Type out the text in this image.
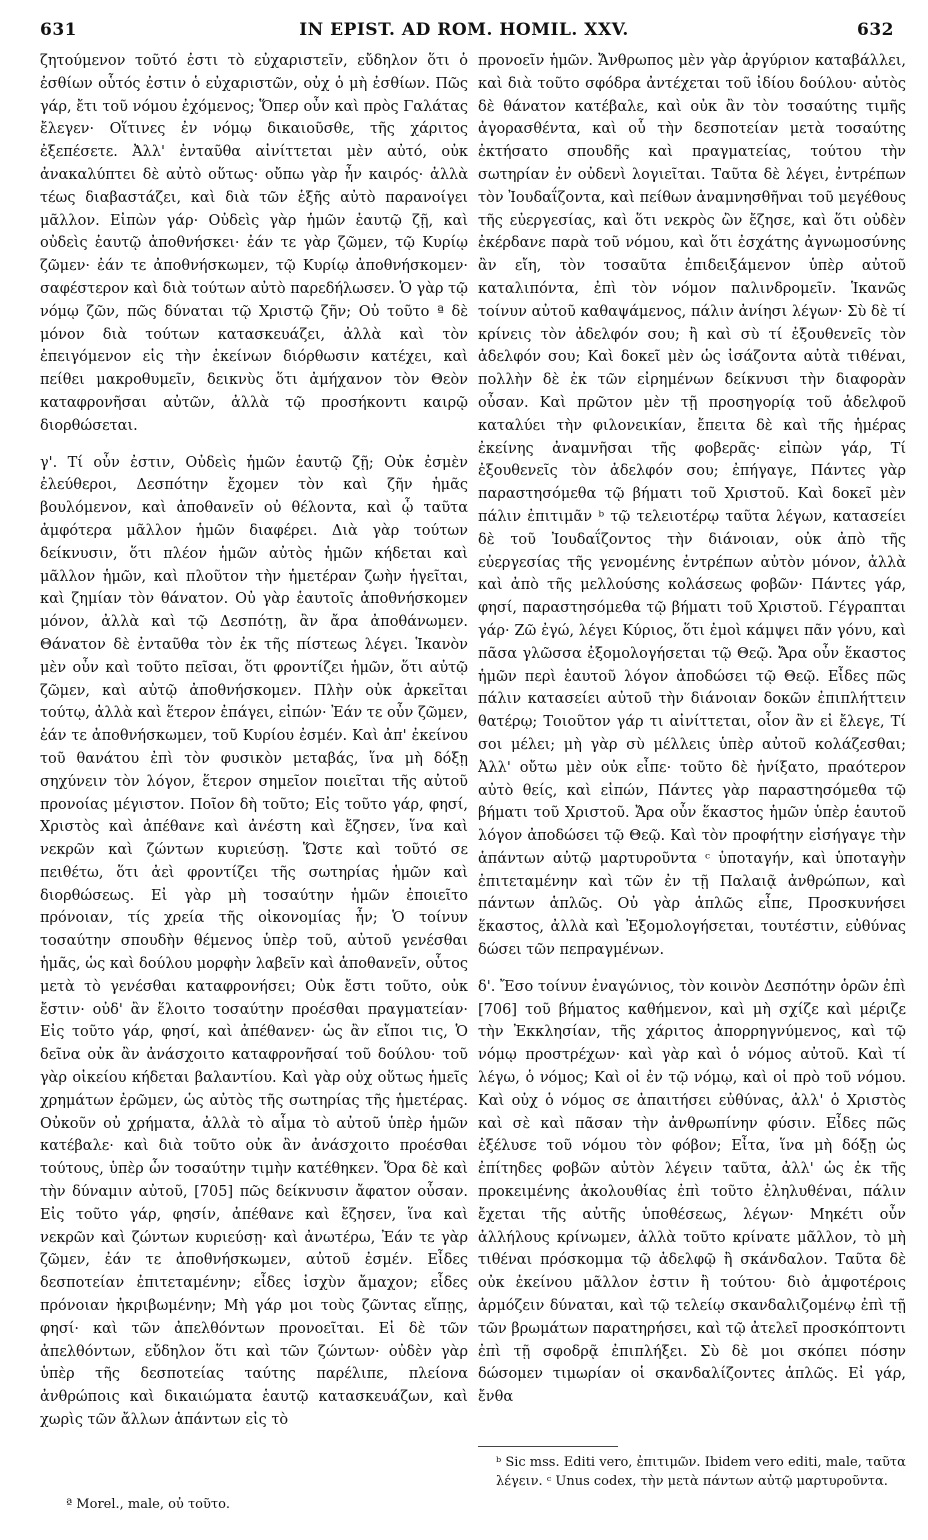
631	IN EPIST. AD ROM. HOMIL. XXV.	632

ζητούμενον τοῦτό ἐστι τὸ εὐχαριστεῖν, εὔδηλον ὅτι ὁ ἐσθίων οὗτός ἐστιν ὁ εὐχαριστῶν, οὐχ ὁ μὴ ἐσθίων. Πῶς γάρ, ἔτι τοῦ νόμου ἐχόμενος; Ὅπερ οὖν καὶ πρὸς Γαλάτας ἔλεγεν· Οἵτινες ἐν νόμῳ δικαιοῦσθε, τῆς χάριτος ἐξεπέσετε. Ἀλλ' ἐνταῦθα αἰνίττεται μὲν αὐτό, οὐκ ἀνακαλύπτει δὲ αὐτὸ οὕτως· οὔπω γὰρ ἦν καιρός· ἀλλὰ τέως διαβαστάζει, καὶ διὰ τῶν ἑξῆς αὐτὸ παρανοίγει μᾶλλον. Εἰπὼν γάρ· Οὐδεὶς γὰρ ἡμῶν ἑαυτῷ ζῇ, καὶ οὐδεὶς ἑαυτῷ ἀποθνήσκει· ἐάν τε γὰρ ζῶμεν, τῷ Κυρίῳ ζῶμεν· ἐάν τε ἀποθνήσκωμεν, τῷ Κυρίῳ ἀποθνήσκομεν· σαφέστερον καὶ διὰ τούτων αὐτὸ παρεδήλωσεν. Ὁ γὰρ τῷ νόμῳ ζῶν, πῶς δύναται τῷ Χριστῷ ζῆν; Οὐ τοῦτο ª δὲ μόνον διὰ τούτων κατασκευάζει, ἀλλὰ καὶ τὸν ἐπειγόμενον εἰς τὴν ἐκείνων διόρθωσιν κατέχει, καὶ πείθει μακροθυμεῖν, δεικνὺς ὅτι ἀμήχανον τὸν Θεὸν καταφρονῆσαι αὐτῶν, ἀλλὰ τῷ προσήκοντι καιρῷ διορθώσεται.

γ'. Τί οὖν ἐστιν, Οὐδεὶς ἡμῶν ἑαυτῷ ζῇ; Οὐκ ἐσμὲν ἐλεύθεροι, Δεσπότην ἔχομεν τὸν καὶ ζῆν ἡμᾶς βουλόμενον, καὶ ἀποθανεῖν οὐ θέλοντα, καὶ ᾧ ταῦτα ἀμφότερα μᾶλλον ἡμῶν διαφέρει. Διὰ γὰρ τούτων δείκνυσιν, ὅτι πλέον ἡμῶν αὐτὸς ἡμῶν κήδεται καὶ μᾶλλον ἡμῶν, καὶ πλοῦτον τὴν ἡμετέραν ζωὴν ἡγεῖται, καὶ ζημίαν τὸν θάνατον. Οὐ γὰρ ἑαυτοῖς ἀποθνήσκομεν μόνον, ἀλλὰ καὶ τῷ Δεσπότῃ, ἂν ἄρα ἀποθάνωμεν. Θάνατον δὲ ἐνταῦθα τὸν ἐκ τῆς πίστεως λέγει. Ἱκανὸν μὲν οὖν καὶ τοῦτο πεῖσαι, ὅτι φροντίζει ἡμῶν, ὅτι αὐτῷ ζῶμεν, καὶ αὐτῷ ἀποθνήσκομεν. Πλὴν οὐκ ἀρκεῖται τούτῳ, ἀλλὰ καὶ ἕτερον ἐπάγει, εἰπών· Ἐάν τε οὖν ζῶμεν, ἐάν τε ἀποθνήσκωμεν, τοῦ Κυρίου ἐσμέν. Καὶ ἀπ' ἐκείνου τοῦ θανάτου ἐπὶ τὸν φυσικὸν μεταβάς, ἵνα μὴ δόξῃ σηχύνειν τὸν λόγον, ἕτερον σημεῖον ποιεῖται τῆς αὐτοῦ προνοίας μέγιστον. Ποῖον δὴ τοῦτο; Εἰς τοῦτο γάρ, φησί, Χριστὸς καὶ ἀπέθανε καὶ ἀνέστη καὶ ἔζησεν, ἵνα καὶ νεκρῶν καὶ ζώντων κυριεύσῃ. Ὥστε καὶ τοῦτό σε πειθέτω, ὅτι ἀεὶ φροντίζει τῆς σωτηρίας ἡμῶν καὶ διορθώσεως. Εἰ γὰρ μὴ τοσαύτην ἡμῶν ἐποιεῖτο πρόνοιαν, τίς χρεία τῆς οἰκονομίας ἦν; Ὁ τοίνυν τοσαύτην σπουδὴν θέμενος ὑπὲρ τοῦ, αὐτοῦ γενέσθαι ἡμᾶς, ὡς καὶ δούλου μορφὴν λαβεῖν καὶ ἀποθανεῖν, οὗτος μετὰ τὸ γενέσθαι καταφρονήσει; Οὐκ ἔστι τοῦτο, οὐκ ἔστιν· οὐδ' ἂν ἕλοιτο τοσαύτην προέσθαι πραγματείαν· Εἰς τοῦτο γάρ, φησί, καὶ ἀπέθανεν· ὡς ἂν εἴποι τις, Ὁ δεῖνα οὐκ ἂν ἀνάσχοιτο καταφρονῆσαί τοῦ δούλου· τοῦ γὰρ οἰκείου κήδεται βαλαντίου. Καὶ γὰρ οὐχ οὕτως ἡμεῖς χρημάτων ἐρῶμεν, ὡς αὐτὸς τῆς σωτηρίας τῆς ἡμετέρας. Οὐκοῦν οὐ χρήματα, ἀλλὰ τὸ αἷμα τὸ αὐτοῦ ὑπὲρ ἡμῶν κατέβαλε· καὶ διὰ τοῦτο οὐκ ἂν ἀνάσχοιτο προέσθαι τούτους, ὑπὲρ ὧν τοσαύτην τιμὴν κατέθηκεν. Ὅρα δὲ καὶ τὴν δύναμιν αὐτοῦ, [705] πῶς δείκνυσιν ἄφατον οὖσαν. Εἰς τοῦτο γάρ, φησίν, ἀπέθανε καὶ ἔζησεν, ἵνα καὶ νεκρῶν καὶ ζώντων κυριεύσῃ· καὶ ἀνωτέρω, Ἐάν τε γὰρ ζῶμεν, ἐάν τε ἀποθνήσκωμεν, αὐτοῦ ἐσμέν. Εἶδες δεσποτείαν ἐπιτεταμένην; εἶδες ἰσχὺν ἄμαχον; εἶδες πρόνοιαν ἠκριβωμένην; Μὴ γάρ μοι τοὺς ζῶντας εἴπῃς, φησί· καὶ τῶν ἀπελθόντων προνοεῖται. Εἰ δὲ τῶν ἀπελθόντων, εὔδηλον ὅτι καὶ τῶν ζώντων· οὐδὲν γὰρ ὑπὲρ τῆς δεσποτείας ταύτης παρέλιπε, πλείονα ἀνθρώποις καὶ δικαιώματα ἑαυτῷ κατασκευάζων, καὶ χωρὶς τῶν ἄλλων ἁπάντων εἰς τὸ

προνοεῖν ἡμῶν. Ἄνθρωπος μὲν γὰρ ἀργύριον καταβάλλει, καὶ διὰ τοῦτο σφόδρα ἀντέχεται τοῦ ἰδίου δούλου· αὐτὸς δὲ θάνατον κατέβαλε, καὶ οὐκ ἂν τὸν τοσαύτης τιμῆς ἀγορασθέντα, καὶ οὗ τὴν δεσποτείαν μετὰ τοσαύτης ἐκτήσατο σπουδῆς καὶ πραγματείας, τούτου τὴν σωτηρίαν ἐν οὐδενὶ λογιεῖται. Ταῦτα δὲ λέγει, ἐντρέπων τὸν Ἰουδαΐζοντα, καὶ πείθων ἀναμνησθῆναι τοῦ μεγέθους τῆς εὐεργεσίας, καὶ ὅτι νεκρὸς ὢν ἔζησε, καὶ ὅτι οὐδὲν ἐκέρδανε παρὰ τοῦ νόμου, καὶ ὅτι ἐσχάτης ἀγνωμοσύνης ἂν εἴη, τὸν τοσαῦτα ἐπιδειξάμενον ὑπὲρ αὐτοῦ καταλιπόντα, ἐπὶ τὸν νόμον παλινδρομεῖν. Ἱκανῶς τοίνυν αὐτοῦ καθαψάμενος, πάλιν ἀνίησι λέγων· Σὺ δὲ τί κρίνεις τὸν ἀδελφόν σου; ἢ καὶ σὺ τί ἐξουθενεῖς τὸν ἀδελφόν σου; Καὶ δοκεῖ μὲν ὡς ἰσάζοντα αὐτὰ τιθέναι, πολλὴν δὲ ἐκ τῶν εἰρημένων δείκνυσι τὴν διαφορὰν οὖσαν. Καὶ πρῶτον μὲν τῇ προσηγορίᾳ τοῦ ἀδελφοῦ καταλύει τὴν φιλονεικίαν, ἔπειτα δὲ καὶ τῆς ἡμέρας ἐκείνης ἀναμνῆσαι τῆς φοβερᾶς· εἰπὼν γάρ, Τί ἐξουθενεῖς τὸν ἀδελφόν σου; ἐπήγαγε, Πάντες γὰρ παραστησόμεθα τῷ βήματι τοῦ Χριστοῦ. Καὶ δοκεῖ μὲν πάλιν ἐπιτιμᾶν ᵇ τῷ τελειοτέρῳ ταῦτα λέγων, κατασείει δὲ τοῦ Ἰουδαΐζοντος τὴν διάνοιαν, οὐκ ἀπὸ τῆς εὐεργεσίας τῆς γενομένης ἐντρέπων αὐτὸν μόνον, ἀλλὰ καὶ ἀπὸ τῆς μελλούσης κολάσεως φοβῶν· Πάντες γάρ, φησί, παραστησόμεθα τῷ βήματι τοῦ Χριστοῦ. Γέγραπται γάρ· Ζῶ ἐγώ, λέγει Κύριος, ὅτι ἐμοὶ κάμψει πᾶν γόνυ, καὶ πᾶσα γλῶσσα ἐξομολογήσεται τῷ Θεῷ. Ἄρα οὖν ἕκαστος ἡμῶν περὶ ἑαυτοῦ λόγον ἀποδώσει τῷ Θεῷ. Εἶδες πῶς πάλιν κατασείει αὐτοῦ τὴν διάνοιαν δοκῶν ἐπιπλήττειν θατέρῳ; Τοιοῦτον γάρ τι αἰνίττεται, οἷον ἂν εἰ ἔλεγε, Τί σοι μέλει; μὴ γὰρ σὺ μέλλεις ὑπὲρ αὐτοῦ κολάζεσθαι; Ἀλλ' οὔτω μὲν οὐκ εἶπε· τοῦτο δὲ ἠνίξατο, πραότερον αὐτὸ θείς, καὶ εἰπών, Πάντες γὰρ παραστησόμεθα τῷ βήματι τοῦ Χριστοῦ. Ἄρα οὖν ἕκαστος ἡμῶν ὑπὲρ ἑαυτοῦ λόγον ἀποδώσει τῷ Θεῷ. Καὶ τὸν προφήτην εἰσήγαγε τὴν ἁπάντων αὐτῷ μαρτυροῦντα ᶜ ὑποταγήν, καὶ ὑποταγὴν ἐπιτεταμένην καὶ τῶν ἐν τῇ Παλαιᾷ ἀνθρώπων, καὶ πάντων ἁπλῶς. Οὐ γὰρ ἁπλῶς εἶπε, Προσκυνήσει ἕκαστος, ἀλλὰ καὶ Ἐξομολογήσεται, τουτέστιν, εὐθύνας δώσει τῶν πεπραγμένων.

δ'. Ἔσο τοίνυν ἐναγώνιος, τὸν κοινὸν Δεσπότην ὁρῶν ἐπὶ [706] τοῦ βήματος καθήμενον, καὶ μὴ σχίζε καὶ μέριζε τὴν Ἐκκλησίαν, τῆς χάριτος ἀπορρηγνύμενος, καὶ τῷ νόμῳ προστρέχων· καὶ γὰρ καὶ ὁ νόμος αὐτοῦ. Καὶ τί λέγω, ὁ νόμος; Καὶ οἱ ἐν τῷ νόμῳ, καὶ οἱ πρὸ τοῦ νόμου. Καὶ οὐχ ὁ νόμος σε ἀπαιτήσει εὐθύνας, ἀλλ' ὁ Χριστὸς καὶ σὲ καὶ πᾶσαν τὴν ἀνθρωπίνην φύσιν. Εἶδες πῶς ἐξέλυσε τοῦ νόμου τὸν φόβον; Εἶτα, ἵνα μὴ δόξῃ ὡς ἐπίτηδες φοβῶν αὐτὸν λέγειν ταῦτα, ἀλλ' ὡς ἐκ τῆς προκειμένης ἀκολουθίας ἐπὶ τοῦτο ἐληλυθέναι, πάλιν ἔχεται τῆς αὐτῆς ὑποθέσεως, λέγων· Μηκέτι οὖν ἀλλήλους κρίνωμεν, ἀλλὰ τοῦτο κρίνατε μᾶλλον, τὸ μὴ τιθέναι πρόσκομμα τῷ ἀδελφῷ ἢ σκάνδαλον. Ταῦτα δὲ οὐκ ἐκείνου μᾶλλον ἐστιν ἢ τούτου· διὸ ἀμφοτέροις ἁρμόζειν δύναται, καὶ τῷ τελείῳ σκανδαλιζομένῳ ἐπὶ τῇ τῶν βρωμάτων παρατηρήσει, καὶ τῷ ἀτελεῖ προσκόπτοντι ἐπὶ τῇ σφοδρᾷ ἐπιπλήξει. Σὺ δὲ μοι σκόπει πόσην δώσομεν τιμωρίαν οἱ σκανδαλίζοντες ἁπλῶς. Εἰ γάρ, ἔνθα

ᵇ Sic mss. Editi vero, ἐπιτιμῶν. Ibidem vero editi, male, ταῦτα λέγειν. ᶜ Unus codex, τὴν μετὰ πάντων αὐτῷ μαρτυροῦντα.
ª Morel., male, οὐ τοῦτο.
